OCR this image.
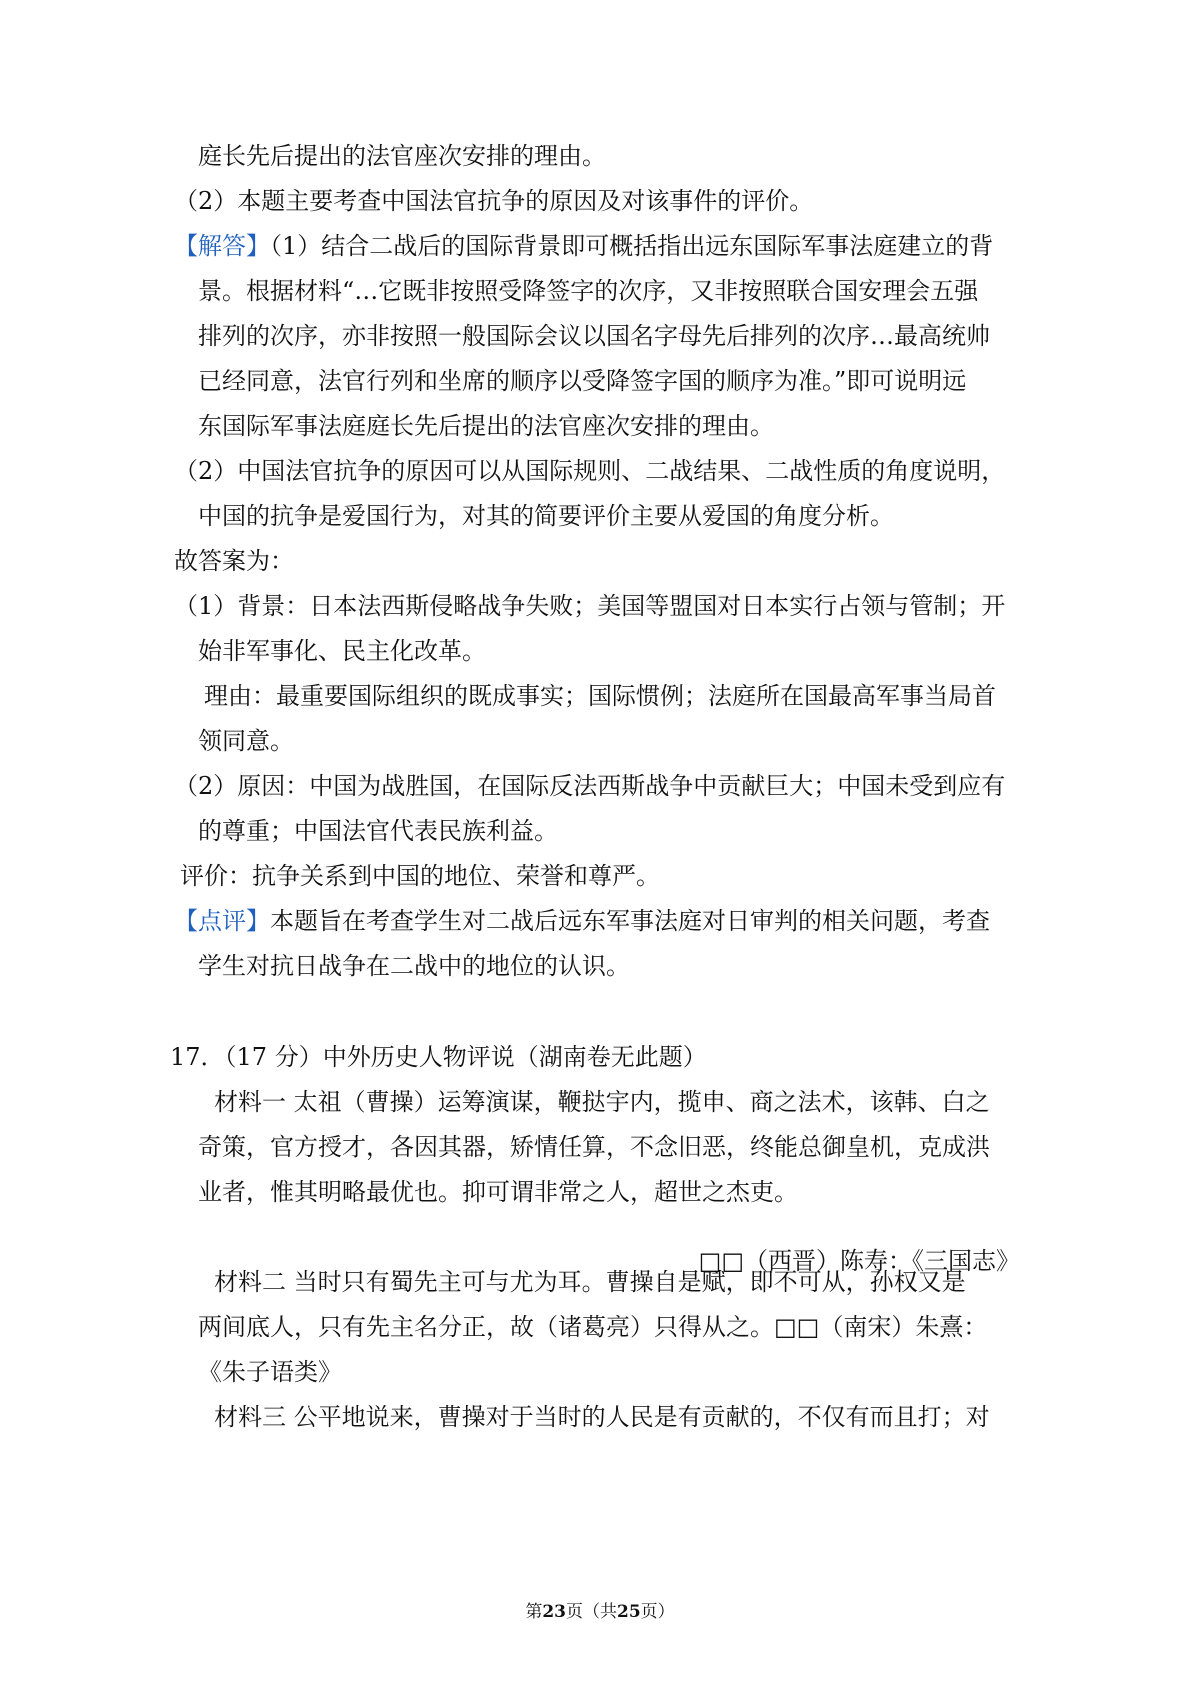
庭长先后提出的法官座次安排的理由。

（2）本题主要考查中国法官抗争的原因及对该事件的评价。

【解答】（1）结合二战后的国际背景即可概括指出远东国际军事法庭建立的背

景。根据材料“…它既非按照受降签字的次序，又非按照联合国安理会五强

排列的次序，亦非按照一般国际会议以国名字母先后排列的次序…最高统帅

已经同意，法官行列和坐席的顺序以受降签字国的顺序为准。”即可说明远

东国际军事法庭庭长先后提出的法官座次安排的理由。

（2）中国法官抗争的原因可以从国际规则、二战结果、二战性质的角度说明，

中国的抗争是爱国行为，对其的简要评价主要从爱国的角度分析。

故答案为：

（1）背景：日本法西斯侵略战争失败；美国等盟国对日本实行占领与管制；开

始非军事化、民主化改革。

理由：最重要国际组织的既成事实；国际惯例；法庭所在国最高军事当局首

领同意。

（2）原因：中国为战胜国，在国际反法西斯战争中贡献巨大；中国未受到应有

的尊重；中国法官代表民族利益。

评价：抗争关系到中国的地位、荣誉和尊严。

【点评】本题旨在考查学生对二战后远东军事法庭对日审判的相关问题，考查

学生对抗日战争在二战中的地位的认识。

17．（17 分）中外历史人物评说（湖南卷无此题）

材料一 太祖（曹操）运筹演谋，鞭挞宇内，揽申、商之法术，该韩、白之

奇策，官方授才，各因其器，矫情任算，不念旧恶，终能总御皇机，克成洪

业者，惟其明略最优也。抑可谓非常之人，超世之杰吏。

□□（西晋）陈寿：《三国志》

材料二 当时只有蜀先主可与尤为耳。曹操自是赋，即不可从，孙权又是

两间底人，只有先主名分正，故（诸葛亮）只得从之。□□（南宋）朱熹：

《朱子语类》

材料三 公平地说来，曹操对于当时的人民是有贡献的，不仅有而且打；对

第23页（共25页）
